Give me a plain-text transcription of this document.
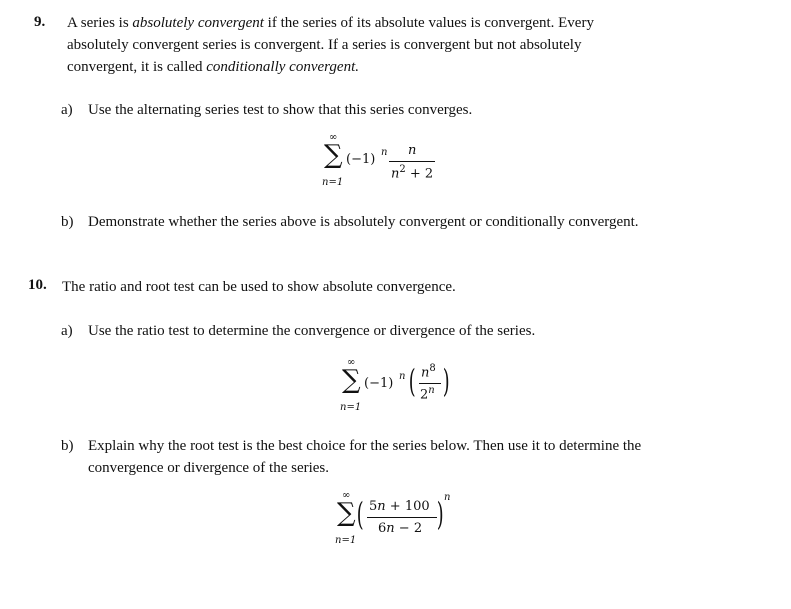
9. A series is absolutely convergent if the series of its absolute values is convergent. Every
absolutely convergent series is convergent. If a series is convergent but not absolutely
convergent, it is called conditionally convergent.
a) Use the alternating series test to show that this series converges.
∞
∑
n=1
(−1) n n
$n^2 + 2$
b) Demonstrate whether the series above is absolutely convergent or conditionally convergent.
10. The ratio and root test can be used to show absolute convergence.
a) Use the ratio test to determine the convergence or divergence of the series.
∞
∑
n=1
(−1) n ( $n^8$
2$^n$ )
b) Explain why the root test is the best choice for the series below. Then use it to determine the
convergence or divergence of the series.
∞
∑
n=1
( 5n + 100
6n − 2 ) n
